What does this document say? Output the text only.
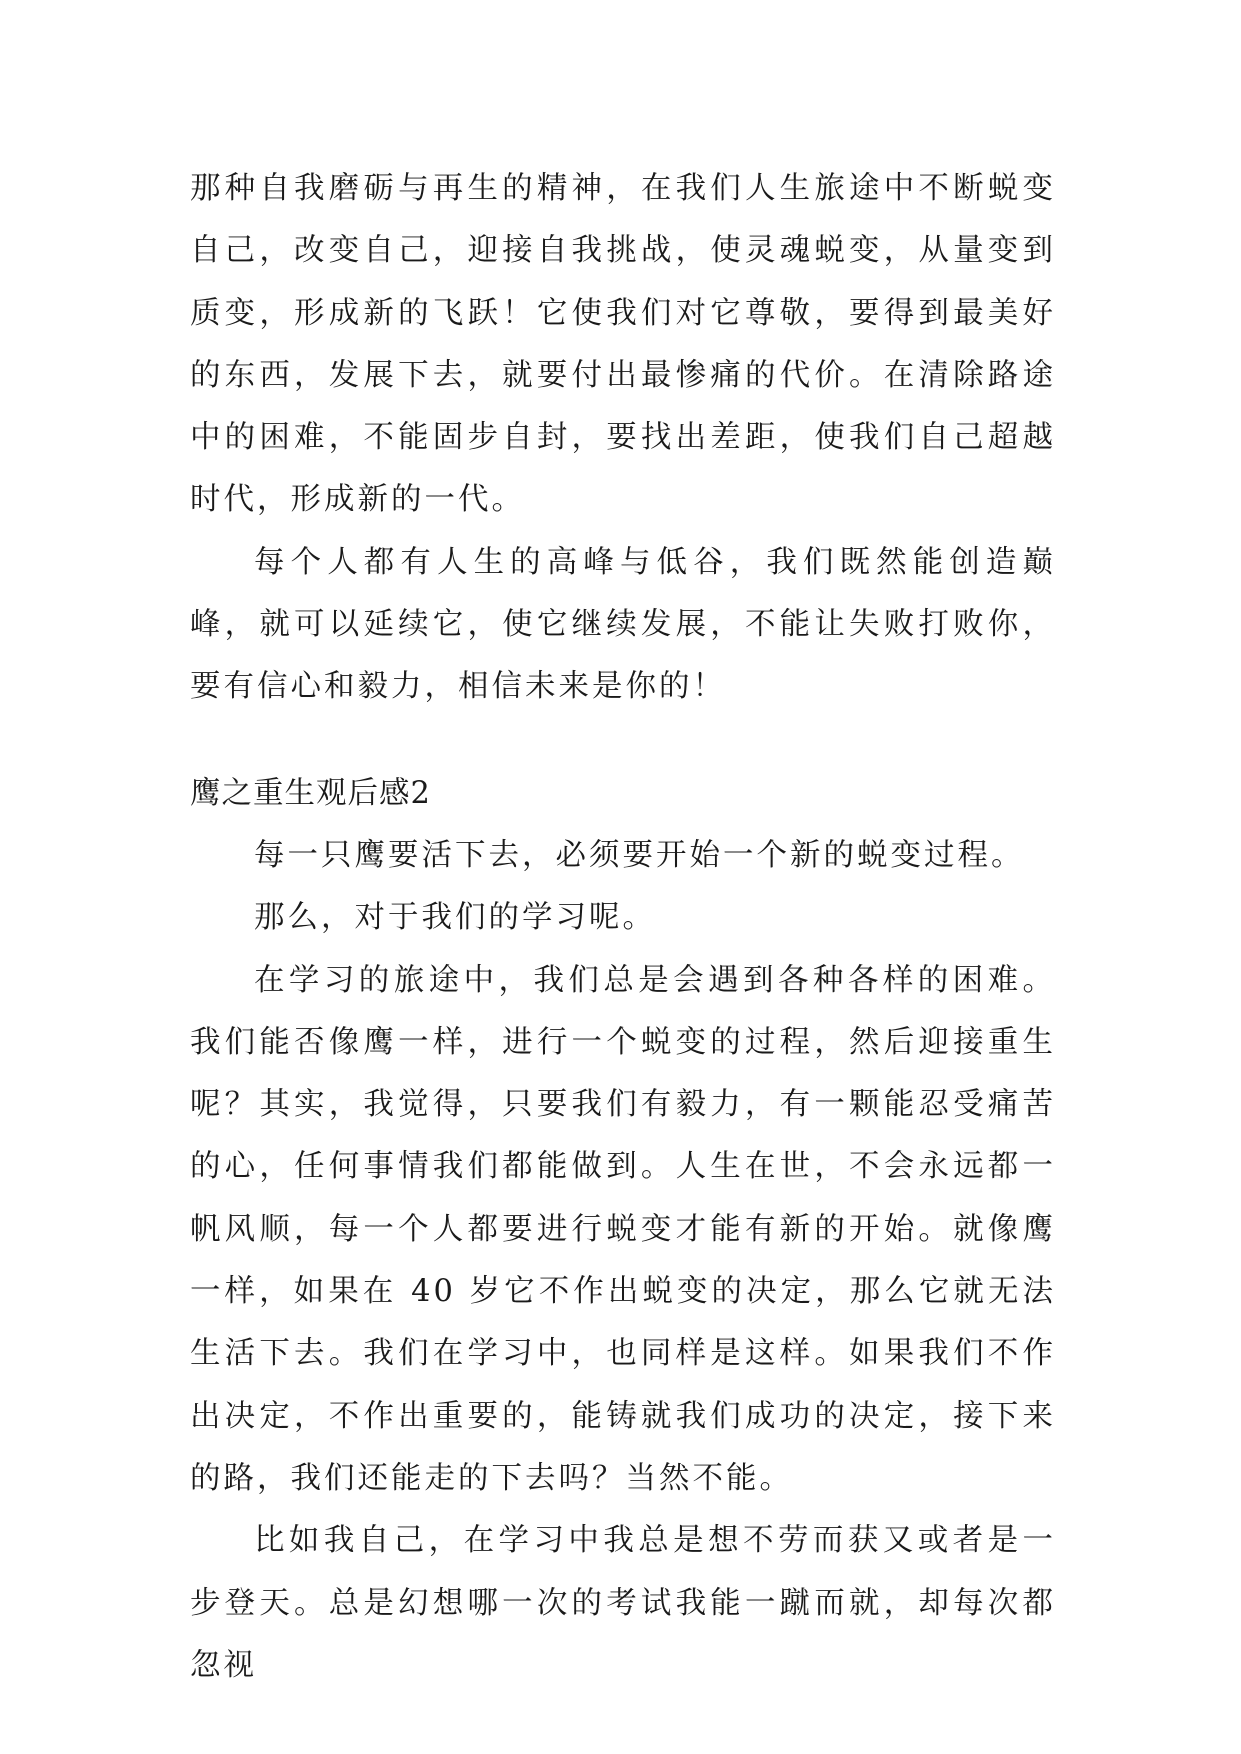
那种自我磨砺与再生的精神，在我们人生旅途中不断蜕变自己，改变自己，迎接自我挑战，使灵魂蜕变，从量变到质变，形成新的飞跃！它使我们对它尊敬，要得到最美好的东西，发展下去，就要付出最惨痛的代价。在清除路途中的困难，不能固步自封，要找出差距，使我们自己超越时代，形成新的一代。

每个人都有人生的高峰与低谷，我们既然能创造巅峰，就可以延续它，使它继续发展，不能让失败打败你，要有信心和毅力，相信未来是你的！

鹰之重生观后感2

每一只鹰要活下去，必须要开始一个新的蜕变过程。

那么，对于我们的学习呢。

在学习的旅途中，我们总是会遇到各种各样的困难。我们能否像鹰一样，进行一个蜕变的过程，然后迎接重生呢？其实，我觉得，只要我们有毅力，有一颗能忍受痛苦的心，任何事情我们都能做到。人生在世，不会永远都一帆风顺，每一个人都要进行蜕变才能有新的开始。就像鹰一样，如果在 40 岁它不作出蜕变的决定，那么它就无法生活下去。我们在学习中，也同样是这样。如果我们不作出决定，不作出重要的，能铸就我们成功的决定，接下来的路，我们还能走的下去吗？当然不能。

比如我自己，在学习中我总是想不劳而获又或者是一步登天。总是幻想哪一次的考试我能一蹴而就，却每次都忽视
